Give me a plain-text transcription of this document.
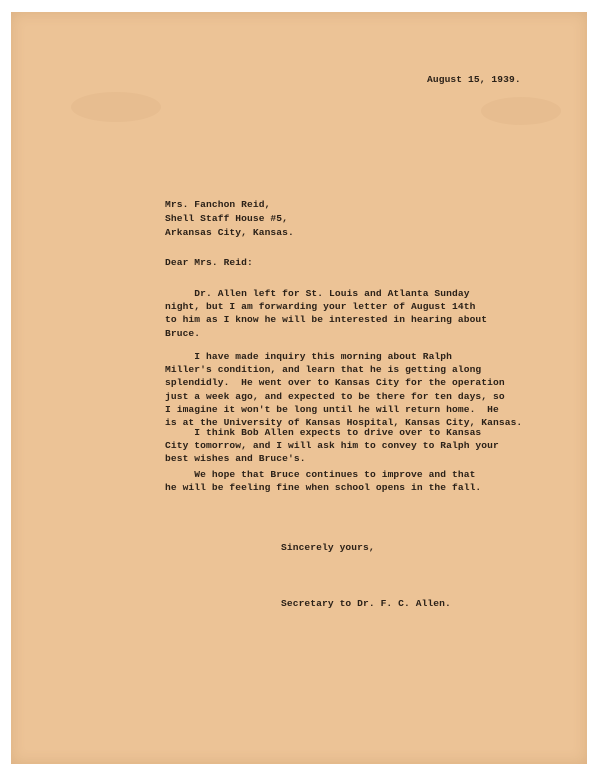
August 15, 1939.
Mrs. Fanchon Reid,
Shell Staff House #5,
Arkansas City, Kansas.
Dear Mrs. Reid:
Dr. Allen left for St. Louis and Atlanta Sunday
night, but I am forwarding your letter of August 14th
to him as I know he will be interested in hearing about
Bruce.
I have made inquiry this morning about Ralph
Miller's condition, and learn that he is getting along
splendidly.  He went over to Kansas City for the operation
just a week ago, and expected to be there for ten days, so
I imagine it won't be long until he will return home.  He
is at the University of Kansas Hospital, Kansas City, Kansas.
I think Bob Allen expects to drive over to Kansas
City tomorrow, and I will ask him to convey to Ralph your
best wishes and Bruce's.
We hope that Bruce continues to improve and that
he will be feeling fine when school opens in the fall.
Sincerely yours,
Secretary to Dr. F. C. Allen.
